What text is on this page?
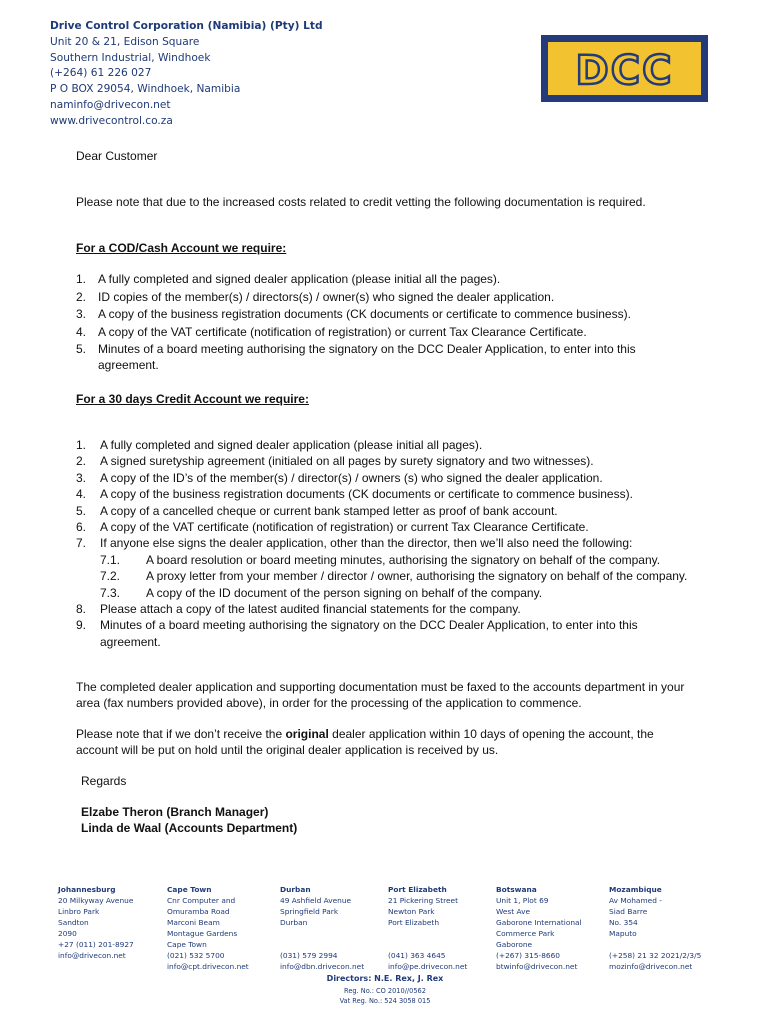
Drive Control Corporation (Namibia) (Pty) Ltd
Unit 20 & 21, Edison Square
Southern Industrial, Windhoek
(+264) 61 226 027
P O BOX 29054, Windhoek, Namibia
naminfo@drivecon.net
www.drivecontrol.co.za
DCC
Dear Customer
Please note that due to the increased costs related to credit vetting the following documentation is required.
For a COD/Cash Account we require:
1. A fully completed and signed dealer application (please initial all the pages).
2. ID copies of the member(s) / directors(s) / owner(s) who signed the dealer application.
3. A copy of the business registration documents (CK documents or certificate to commence business).
4. A copy of the VAT certificate (notification of registration) or current Tax Clearance Certificate.
5. Minutes of a board meeting authorising the signatory on the DCC Dealer Application, to enter into this agreement.
For a 30 days Credit Account we require:
1. A fully completed and signed dealer application (please initial all pages).
2. A signed suretyship agreement (initialed on all pages by surety signatory and two witnesses).
3. A copy of the ID’s of the member(s) / director(s) / owners (s) who signed the dealer application.
4. A copy of the business registration documents (CK documents or certificate to commence business).
5. A copy of a cancelled cheque or current bank stamped letter as proof of bank account.
6. A copy of the VAT certificate (notification of registration) or current Tax Clearance Certificate.
7. If anyone else signs the dealer application, other than the director, then we’ll also need the following:
7.1. A board resolution or board meeting minutes, authorising the signatory on behalf of the company.
7.2. A proxy letter from your member / director / owner, authorising the signatory on behalf of the company.
7.3. A copy of the ID document of the person signing on behalf of the company.
8. Please attach a copy of the latest audited financial statements for the company.
9. Minutes of a board meeting authorising the signatory on the DCC Dealer Application, to enter into this agreement.
The completed dealer application and supporting documentation must be faxed to the accounts department in your area (fax numbers provided above), in order for the processing of the application to commence.
Please note that if we don’t receive the original dealer application within 10 days of opening the account, the account will be put on hold until the original dealer application is received by us.
Regards
Elzabe Theron (Branch Manager)
Linda de Waal (Accounts Department)
Johannesburg
20 Milkyway Avenue
Linbro Park
Sandton
2090
+27 (011) 201-8927
info@drivecon.net
Cape Town
Cnr Computer and
Omuramba Road
Marconi Beam
Montague Gardens
Cape Town
(021) 532 5700
info@cpt.drivecon.net
Durban
49 Ashfield Avenue
Springfield Park
Durban
(031) 579 2994
info@dbn.drivecon.net
Port Elizabeth
21 Pickering Street
Newton Park
Port Elizabeth
(041) 363 4645
info@pe.drivecon.net
Botswana
Unit 1, Plot 69
West Ave
Gaborone International
Commerce Park
Gaborone
(+267) 315-8660
btwinfo@drivecon.net
Mozambique
Av Mohamed -
Siad Barre
No. 354
Maputo
(+258) 21 32 2021/2/3/5
mozinfo@drivecon.net
Directors: N.E. Rex, J. Rex
Reg. No.: CO 2010//0562
Vat Reg. No.: 524 3058 015
